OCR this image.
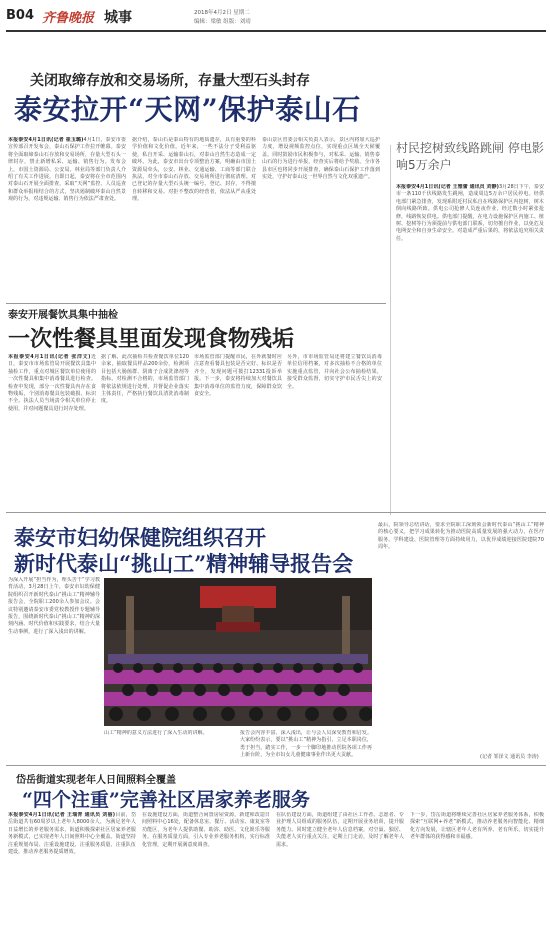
B04 齐鲁晚报 城事	2018年4月2日 星期二
编辑：梁敏 组版：刘靖
关闭取缔存放和交易场所，存量大型石头封存
泰安拉开“天网”保护泰山石
本报泰安4月1日讯(记者 崔玉璐)4月1日，泰安市委宣传部召开发布会，泰山石保护工作拉开帷幕。泰安将全面取缔泰山石存放和交易场所，存量大型石头一律封存，禁止新增私采、运输、销售行为。发布会上，市国土资源局、公安局、林业局等部门负责人介绍了有关工作进展。自即日起，泰安将在全市范围内对泰山石开展全面排查，采取“天网”监控、人员巡查和群众举报相结合的方式，坚决遏制破坏泰山自然景观的行为，对违规运输、销售行为依法严肃查处。
据介绍，泰山石是泰山特有的地质遗存，具有重要的科学价值和文化价值。近年来，一些不法分子受利益驱使，私自开采、运输泰山石，对泰山自然生态造成一定破坏。为此，泰安市出台专项整治方案，明确由市国土资源局牵头，公安、林业、交通运输、工商等部门联合执法，对全市泰山石存放、交易场所进行彻底清理。对已登记的存量大型石头统一编号、登记、封存，不得擅自转移和交易。对拒不整改的经营者，依法从严从重处理。
泰山景区管委会相关负责人表示，景区内将加大巡护力度，增设视频监控点位，实现重点区域全天候覆盖。同时鼓励市民积极参与，对私采、运输、销售泰山石的行为进行举报，经查实后将给予奖励。全市各县市区也将同步开展排查，确保泰山石保护工作落到实处，守护好泰山这一世界自然与文化双重遗产。
村民挖树致线路跳闸 停电影响5万余户
本报泰安4月1日讯(记者 王雅蕾 通讯员 刘静)3月28日下午，泰安市一条110千伏线路发生跳闸，造成周边5万余户居民停电。经供电部门紧急排查，发现系附近村民私自在线路保护区内挖树，树木倒向线路所致。供电公司抢修人员连夜作业，经过数小时紧张抢修，线路恢复供电。供电部门提醒，在电力设施保护区内施工、植树、挖树等行为须提前与供电部门联系，切勿擅自作业，以免危及电网安全和自身生命安全。对造成严重后果的，将依法追究相关责任。
泰安开展餐饮具集中抽检
一次性餐具里面发现食物残垢
本报泰安4月1日讯(记者 张洋文)近日，泰安市市场监管局开展餐饮具集中抽检工作，重点对城区餐饮单位使用的一次性餐具和集中消毒餐具进行检查。检查中发现，部分一次性餐具内存在食物残垢，个别消毒餐具包装破损、标识不全。执法人员当场责令相关单位停止使用，并对问题餐具进行封存处理。
据了解，此次抽检共检查餐饮单位120余家，抽取餐具样品200余份，检测项目包括大肠菌群、阴离子合成洗涤剂等指标。对检测不合格的，市场监管部门将依法依规进行处理，并督促企业落实主体责任，严格执行餐饮具清洗消毒制度。
市场监管部门提醒市民，在外就餐时应注意查看餐具包装是否完好、标识是否齐全，发现问题可拨打12331投诉举报。下一步，泰安将持续加大对餐饮具集中消毒单位的监管力度，保障群众饮食安全。
另外，市市场监管局还将建立餐饮具消毒单位信用档案，对多次抽检不合格的单位实施重点监管，并向社会公布抽检结果，接受群众监督，切实守护市民舌尖上的安全。
泰安市妇幼保健院组织召开
新时代泰山“挑山工”精神辅导报告会
为深入开展“担当作为，埋头苦干”学习教育活动，3月28日上午，泰安市妇幼保健院组织召开新时代泰山“挑山工”精神辅导报告会，全院职工200余人参加会议。会议特别邀请泰安市委党校教授作专题辅导报告，围绕新时代泰山“挑山工”精神的深刻内涵、时代价值和实践要求，结合大量生动事例，进行了深入浅出的讲解。
山工”精神的意义方法进行了深入生动的讲解。	报告会内容丰富、深入浅出，让与会人员深受教育和启发。大家纷纷表示，要以“挑山工”精神为指引，立足本职岗位，勇于担当，踏实工作，一步一个脚印地推动医院各项工作再上新台阶，为全市妇女儿童健康事业作出更大贡献。
最后，院领导总结讲话，要求全院职工深刻领会新时代泰山“挑山工”精神的核心要义，把学习成果转化为推动医院高质量发展的强大动力，在医疗服务、学科建设、医院管理等方面持续用力，以优异成绩迎接医院建院70周年。
(记者 邹泽文 通讯员 李涛)
岱岳街道实现老年人日间照料全覆盖
“四个注重”完善社区居家养老服务
本报泰安4月1日讯(记者 王瑞青 通讯员 刘丽)目前，岱岳街道共有60周岁以上老年人8000余人，为满足老年人日益增长的养老服务需求，街道积极探索社区居家养老服务新模式，已实现老年人日间照料中心全覆盖。街道坚持注重规划布局、注重设施建设、注重服务质量、注重队伍建设，推动养老服务提质增效。
在设施建设方面，街道整合闲置房屋资源，新建和改造日间照料中心16处，配备休息室、餐厅、活动室、康复室等功能区，为老年人提供助餐、助浴、助医、文化娱乐等服务。在服务质量方面，引入专业养老服务机构，实行标准化管理，定期开展满意度调查。
在队伍建设方面，街道组建了由社区工作者、志愿者、专业护理人员组成的服务队伍，定期开展业务培训，提升服务能力。同时建立健全老年人信息档案，对空巢、独居、失能老人实行重点关注，定期上门走访，及时了解老年人需求。
下一步，岱岳街道将继续完善社区居家养老服务体系，积极探索“互联网+养老”新模式，推动养老服务向智能化、精细化方向发展，让辖区老年人老有所养、老有所乐，切实提升老年群体的获得感和幸福感。
